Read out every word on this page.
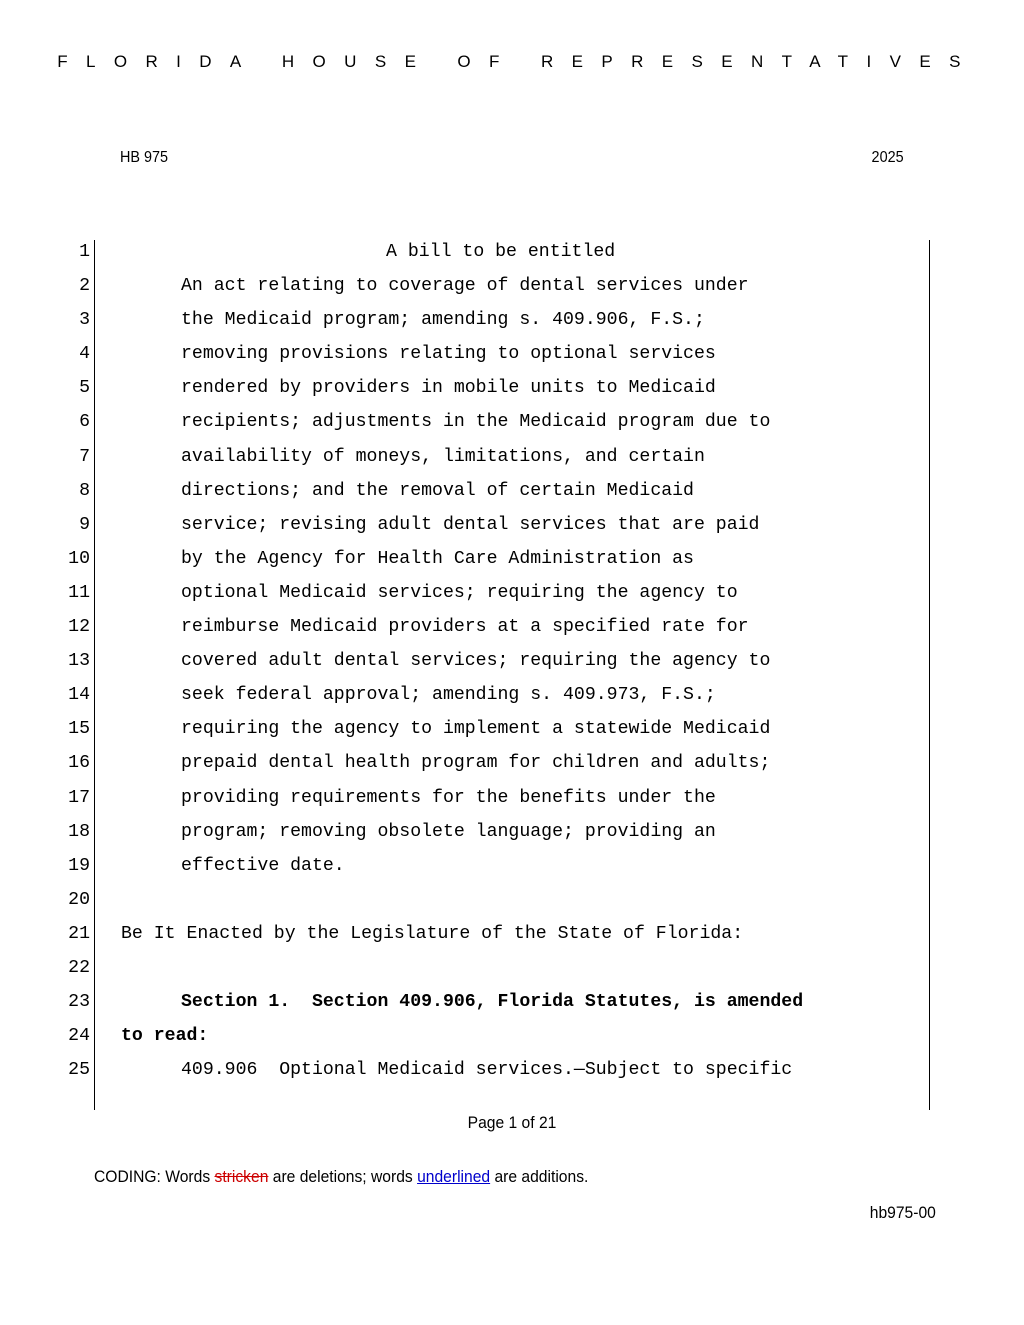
FLORIDA HOUSE OF REPRESENTATIVES
HB 975	2025
1	A bill to be entitled
2	An act relating to coverage of dental services under
3	the Medicaid program; amending s. 409.906, F.S.;
4	removing provisions relating to optional services
5	rendered by providers in mobile units to Medicaid
6	recipients; adjustments in the Medicaid program due to
7	availability of moneys, limitations, and certain
8	directions; and the removal of certain Medicaid
9	service; revising adult dental services that are paid
10	by the Agency for Health Care Administration as
11	optional Medicaid services; requiring the agency to
12	reimburse Medicaid providers at a specified rate for
13	covered adult dental services; requiring the agency to
14	seek federal approval; amending s. 409.973, F.S.;
15	requiring the agency to implement a statewide Medicaid
16	prepaid dental health program for children and adults;
17	providing requirements for the benefits under the
18	program; removing obsolete language; providing an
19	effective date.
20
21 Be It Enacted by the Legislature of the State of Florida:
22
23	Section 1.  Section 409.906, Florida Statutes, is amended
24 to read:
25	409.906  Optional Medicaid services.—Subject to specific
Page 1 of 21
CODING: Words stricken are deletions; words underlined are additions.
hb975-00
